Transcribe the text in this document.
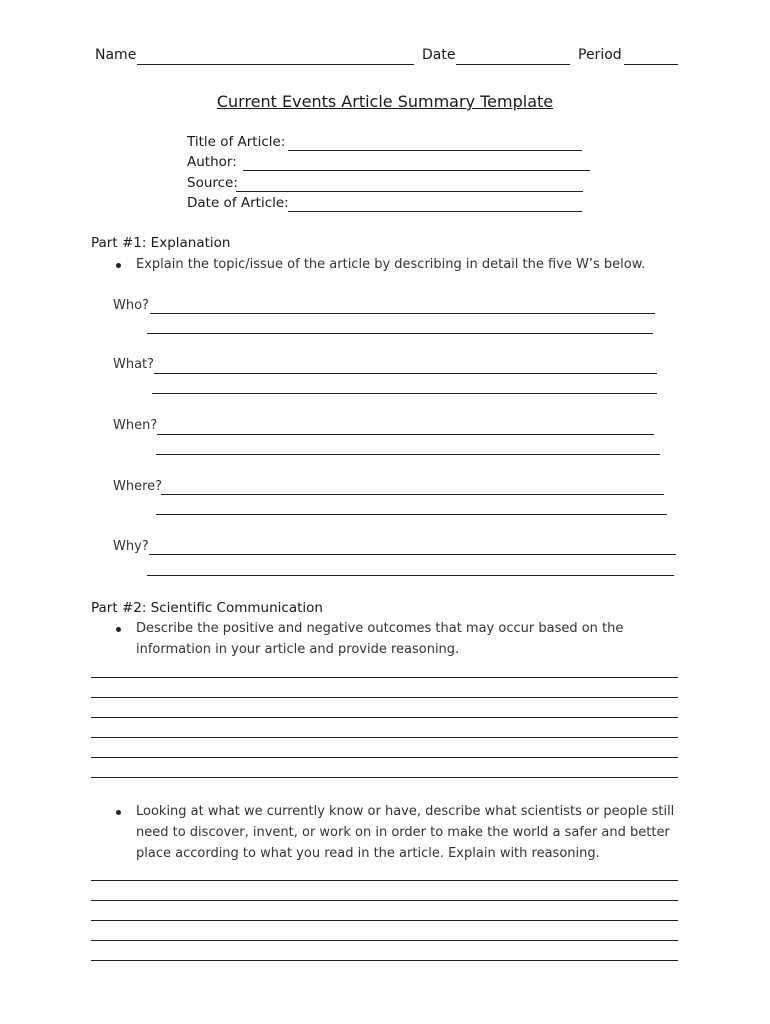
Name	Date	Period
Current Events Article Summary Template
Title of Article:
Author:
Source:
Date of Article:
Part #1: Explanation
Explain the topic/issue of the article by describing in detail the five W’s below.
Who?
What?
When?
Where?
Why?
Part #2: Scientific Communication
Describe the positive and negative outcomes that may occur based on the
information in your article and provide reasoning.
Looking at what we currently know or have, describe what scientists or people still
need to discover, invent, or work on in order to make the world a safer and better
place according to what you read in the article. Explain with reasoning.
